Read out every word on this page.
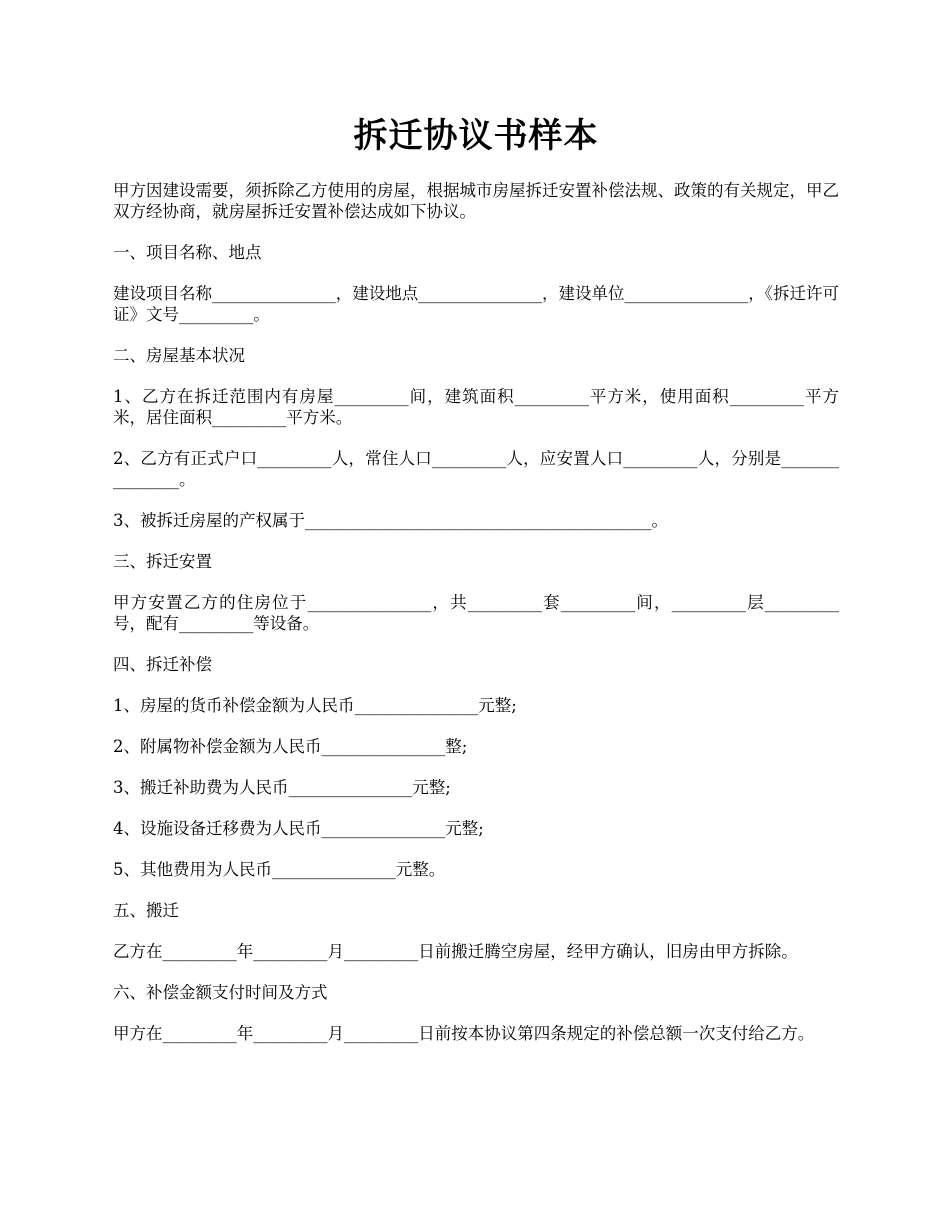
拆迁协议书样本

甲方因建设需要，须拆除乙方使用的房屋，根据城市房屋拆迁安置补偿法规、政策的有关规定，甲乙双方经协商，就房屋拆迁安置补偿达成如下协议。

一、项目名称、地点

建设项目名称_______________，建设地点_______________，建设单位_______________，《拆迁许可证》文号_________。

二、房屋基本状况

1、乙方在拆迁范围内有房屋_________间，建筑面积_________平方米，使用面积_________平方米，居住面积_________平方米。

2、乙方有正式户口_________人，常住人口_________人，应安置人口_________人，分别是_______________。

3、被拆迁房屋的产权属于__________________________________________。

三、拆迁安置

甲方安置乙方的住房位于_______________，共_________套_________间，_________层_________号，配有_________等设备。

四、拆迁补偿

1、房屋的货币补偿金额为人民币_______________元整;

2、附属物补偿金额为人民币_______________整;

3、搬迁补助费为人民币_______________元整;

4、设施设备迁移费为人民币_______________元整;

5、其他费用为人民币_______________元整。

五、搬迁

乙方在_________年_________月_________日前搬迁腾空房屋，经甲方确认，旧房由甲方拆除。

六、补偿金额支付时间及方式

甲方在_________年_________月_________日前按本协议第四条规定的补偿总额一次支付给乙方。
